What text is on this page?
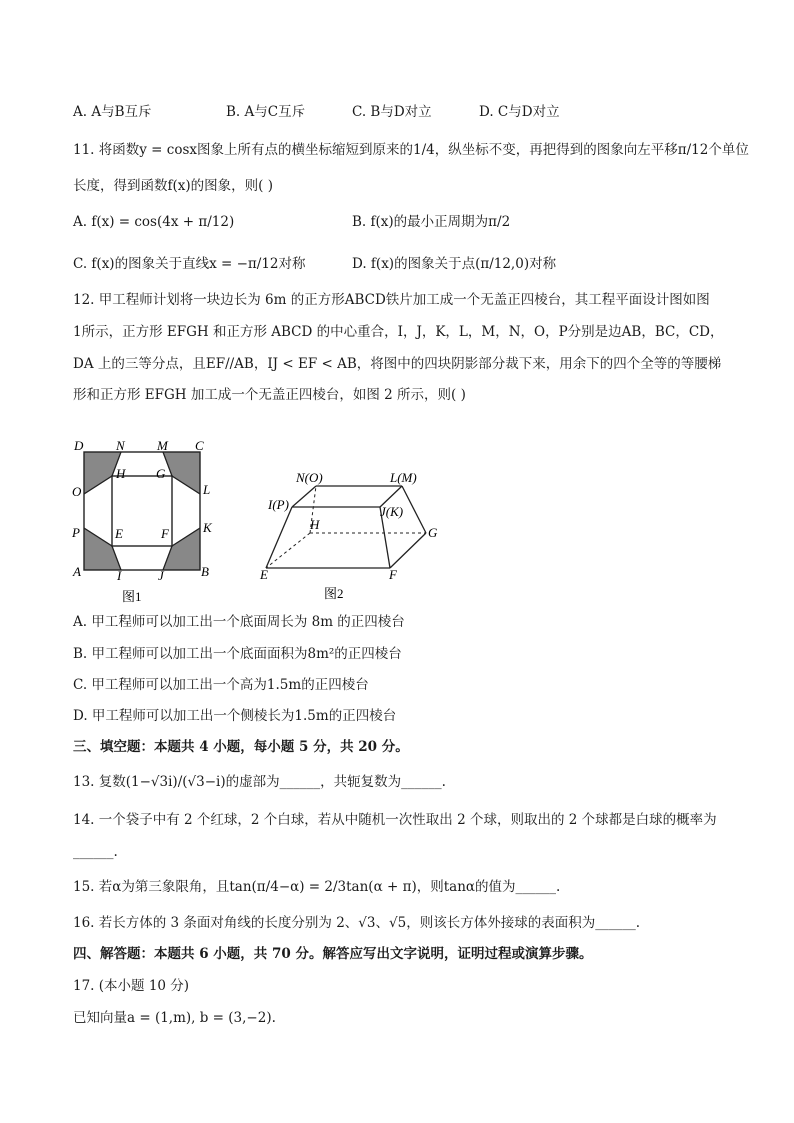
A. A与B互斥	B. A与C互斥	C. B与D对立	D. C与D对立
11. 将函数y = cosx图象上所有点的横坐标缩短到原来的1/4，纵坐标不变，再把得到的图象向左平移π/12个单位
长度，得到函数f(x)的图象，则( )
A. f(x) = cos(4x + π/12)	B. f(x)的最小正周期为π/2
C. f(x)的图象关于直线x = −π/12对称	D. f(x)的图象关于点(π/12,0)对称
12. 甲工程师计划将一块边长为 6m 的正方形ABCD铁片加工成一个无盖正四棱台，其工程平面设计图如图
1所示，正方形 EFGH 和正方形 ABCD 的中心重合，I，J，K，L，M，N，O，P分别是边AB，BC，CD，
DA 上的三等分点，且EF//AB，IJ < EF < AB，将图中的四块阴影部分裁下来，用余下的四个全等的等腰梯
形和正方形 EFGH 加工成一个无盖正四棱台，如图 2 所示，则( )
D	N M C
H G
O	L
P	K
E	F
A	I	J	B
图1
N(O)	L(M)
I(P)	J(K)
H
G
E	F
图2
A. 甲工程师可以加工出一个底面周长为 8m 的正四棱台
B. 甲工程师可以加工出一个底面面积为8m²的正四棱台
C. 甲工程师可以加工出一个高为1.5m的正四棱台
D. 甲工程师可以加工出一个侧棱长为1.5m的正四棱台
三、填空题：本题共 4 小题，每小题 5 分，共 20 分。
13. 复数(1−√3i)/(√3−i)的虚部为______，共轭复数为______.
14. 一个袋子中有 2 个红球，2 个白球，若从中随机一次性取出 2 个球，则取出的 2 个球都是白球的概率为
______.
15. 若α为第三象限角，且tan(π/4−α) = 2/3tan(α + π)，则tanα的值为______.
16. 若长方体的 3 条面对角线的长度分别为 2、√3、√5，则该长方体外接球的表面积为______.
四、解答题：本题共 6 小题，共 70 分。解答应写出文字说明，证明过程或演算步骤。
17. (本小题 10 分)
已知向量a = (1,m), b = (3,−2).
